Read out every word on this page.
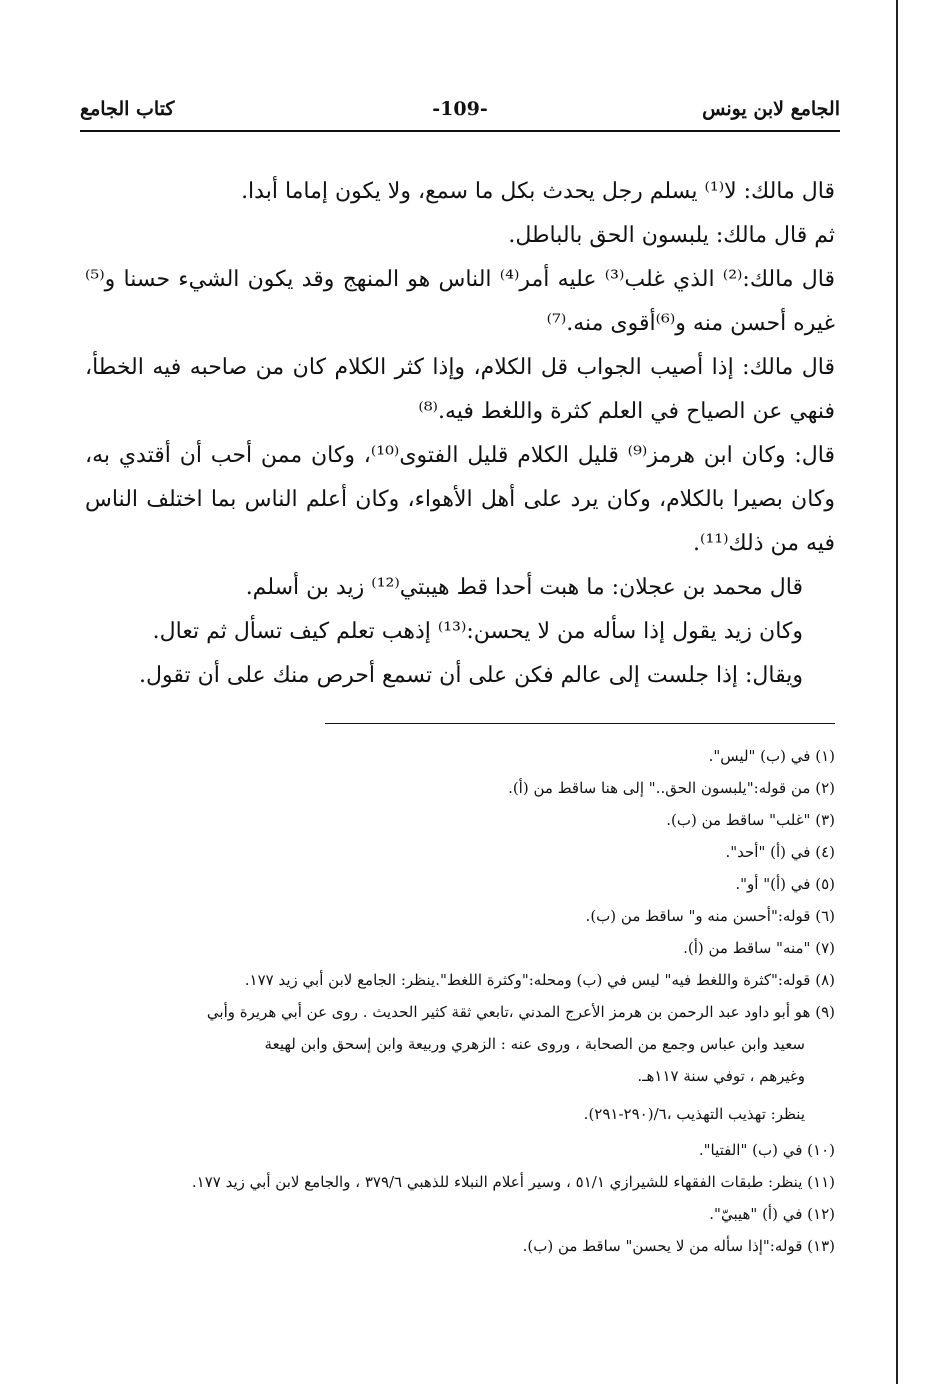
الجامع لابن يونس
-109-
كتاب الجامع

قال مالك: لا⁽¹⁾ يسلم رجل يحدث بكل ما سمع، ولا يكون إماما أبدا.

ثم قال مالك: يلبسون الحق بالباطل.

قال مالك:⁽²⁾ الذي غلب⁽³⁾ عليه أمر⁽⁴⁾ الناس هو المنهج وقد يكون الشيء حسنا و⁽⁵⁾غيره أحسن منه و⁽⁶⁾أقوى منه.⁽⁷⁾

قال مالك: إذا أصيب الجواب قل الكلام، وإذا كثر الكلام كان من صاحبه فيه الخطأ، فنهي عن الصياح في العلم كثرة واللغط فيه.⁽⁸⁾

قال: وكان ابن هرمز⁽⁹⁾ قليل الكلام قليل الفتوى⁽¹⁰⁾، وكان ممن أحب أن أقتدي به، وكان بصيرا بالكلام، وكان يرد على أهل الأهواء، وكان أعلم الناس بما اختلف الناس فيه من ذلك⁽¹¹⁾.

قال محمد بن عجلان: ما هبت أحدا قط هيبتي⁽¹²⁾ زيد بن أسلم.

وكان زيد يقول إذا سأله من لا يحسن:⁽¹³⁾ إذهب تعلم كيف تسأل ثم تعال.

ويقال: إذا جلست إلى عالم فكن على أن تسمع أحرص منك على أن تقول.

(١) في (ب) "ليس".

(٢) من قوله:"يلبسون الحق.." إلى هنا ساقط من (أ).

(٣) "غلب" ساقط من (ب).

(٤) في (أ) "أحد".

(٥) في (أ)" أو".

(٦) قوله:"أحسن منه و" ساقط من (ب).

(٧) "منه" ساقط من (أ).

(٨) قوله:"كثرة واللغط فيه" ليس في (ب) ومحله:"وكثرة اللغط".ينظر: الجامع لابن أبي زيد ١٧٧.

(٩) هو أبو داود عبد الرحمن بن هرمز الأعرج المدني ،تابعي ثقة كثير الحديث . روى عن أبي هريرة وأبي

سعيد وابن عباس وجمع من الصحابة ، وروى عنه : الزهري وربيعة وابن إسحق وابن لهيعة

وغيرهم ، توفي سنة ١١٧هـ.

ينظر: تهذيب التهذيب ،٦/(٢٩٠-٢٩١).

(١٠) في (ب) "الفتيا".

(١١) ينظر: طبقات الفقهاء للشيرازي ٥١/١ ، وسير أعلام النبلاء للذهبي ٣٧٩/٦ ، والجامع لابن أبي زيد ١٧٧.

(١٢) في (أ) "هيبيّ".

(١٣) قوله:"إذا سأله من لا يحسن" ساقط من (ب).
